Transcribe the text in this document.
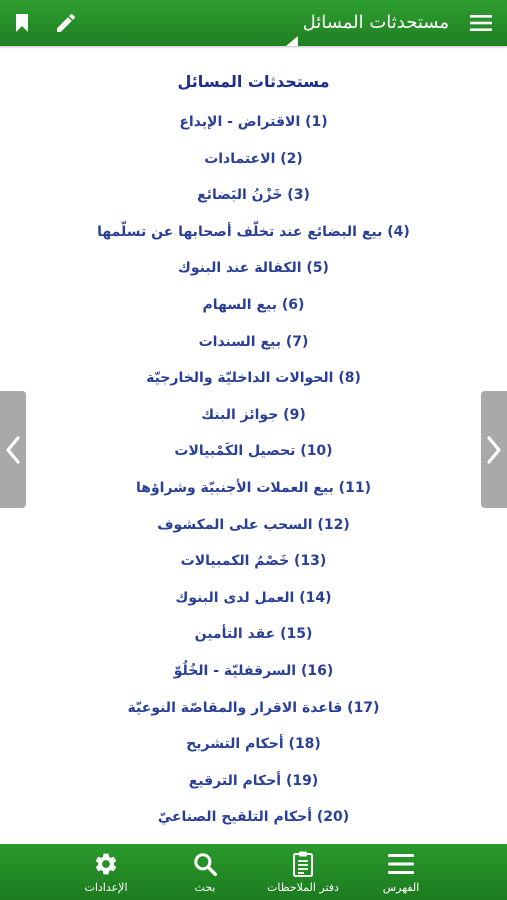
مستحدثات المسائل
مستحدثات المسائل
(1) الاقتراض - الإيداع
(2) الاعتمادات
(3) خَزْنُ البَضائع
(4) بيع البضائع عند تخلّف أصحابها عن تسلّمها
(5) الكفالة عند البنوك
(6) بيع السهام
(7) بيع السندات
(8) الحوالات الداخليّة والخارجيّة
(9) جوائز البنك
(10) تحصيل الكَمْبيالات
(11) بيع العملات الأجنبيّة وشراؤها
(12) السحب على المكشوف
(13) خَصْمُ الكمبيالات
(14) العمل لدى البنوك
(15) عقد التأمين
(16) السرقفليّة - الخُلُوّ
(17) قاعدة الاقرار والمقاصّة النوعيّة
(18) أحكام التشريح
(19) أحكام الترقيع
(20) أحكام التلقيح الصناعيّ
الإعدادات	بحث	دفتر الملاحظات	الفهرس
